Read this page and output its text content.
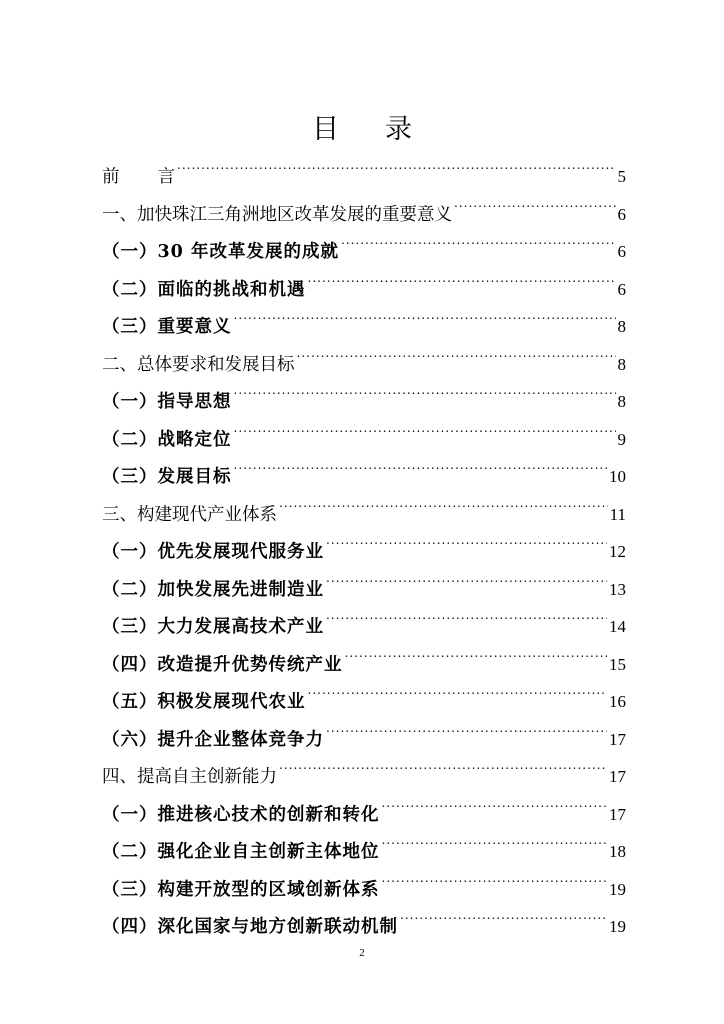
目 录
前 言 .....	5
一、加快珠江三角洲地区改革发展的重要意义 .....	6
（一）30 年改革发展的成就 .....	6
（二）面临的挑战和机遇 .....	6
（三）重要意义 .....	8
二、总体要求和发展目标 .....	8
（一）指导思想 .....	8
（二）战略定位 .....	9
（三）发展目标 .....	10
三、构建现代产业体系 .....	11
（一）优先发展现代服务业 .....	12
（二）加快发展先进制造业 .....	13
（三）大力发展高技术产业 .....	14
（四）改造提升优势传统产业 .....	15
（五）积极发展现代农业 .....	16
（六）提升企业整体竞争力 .....	17
四、提高自主创新能力 .....	17
（一）推进核心技术的创新和转化 .....	17
（二）强化企业自主创新主体地位 .....	18
（三）构建开放型的区域创新体系 .....	19
（四）深化国家与地方创新联动机制 .....	19
2
